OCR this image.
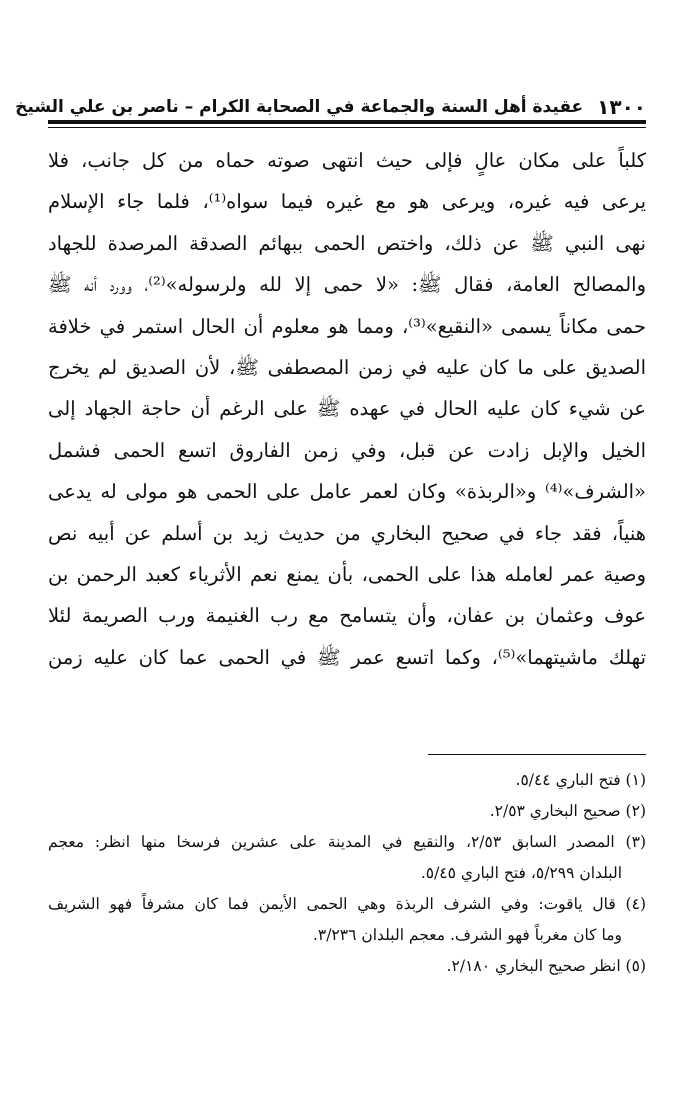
١٣٠٠
عقيدة أهل السنة والجماعة في الصحابة الكرام – ناصر بن علي الشيخ
كلباً على مكان عالٍ فإلى حيث انتهى صوته حماه من كل جانب، فلا
يرعى فيه غيره، ويرعى هو مع غيره فيما سواه⁽¹⁾، فلما جاء الإسلام
نهى النبي ﷺ عن ذلك، واختص الحمى ببهائم الصدقة المرصدة للجهاد
والمصالح العامة، فقال ﷺ: «لا حمى إلا لله ولرسوله»⁽²⁾، وورد أنه ﷺ
حمى مكاناً يسمى «النقيع»⁽³⁾، ومما هو معلوم أن الحال استمر في خلافة
الصديق على ما كان عليه في زمن المصطفى ﷺ، لأن الصديق لم يخرج
عن شيء كان عليه الحال في عهده ﷺ على الرغم أن حاجة الجهاد إلى
الخيل والإبل زادت عن قبل، وفي زمن الفاروق اتسع الحمى فشمل
«الشرف»⁽⁴⁾ و«الربذة» وكان لعمر عامل على الحمى هو مولى له يدعى
هنياً، فقد جاء في صحيح البخاري من حديث زيد بن أسلم عن أبيه نص
وصية عمر لعامله هذا على الحمى، بأن يمنع نعم الأثرياء كعبد الرحمن بن
عوف وعثمان بن عفان، وأن يتسامح مع رب الغنيمة ورب الصريمة لئلا
تهلك ماشيتهما»⁽⁵⁾، وكما اتسع عمر ﷺ في الحمى عما كان عليه زمن
(١) فتح الباري ٥/٤٤.
(٢) صحيح البخاري ٢/٥٣.
(٣) المصدر السابق ٢/٥٣، والنقيع في المدينة على عشرين فرسخا منها انظر: معجم
البلدان ٥/٢٩٩، فتح الباري ٥/٤٥.
(٤) قال ياقوت: وفي الشرف الربذة وهي الحمى الأيمن فما كان مشرفاً فهو الشريف
وما كان مغرباً فهو الشرف. معجم البلدان ٣/٢٣٦.
(٥) انظر صحيح البخاري ٢/١٨٠.
